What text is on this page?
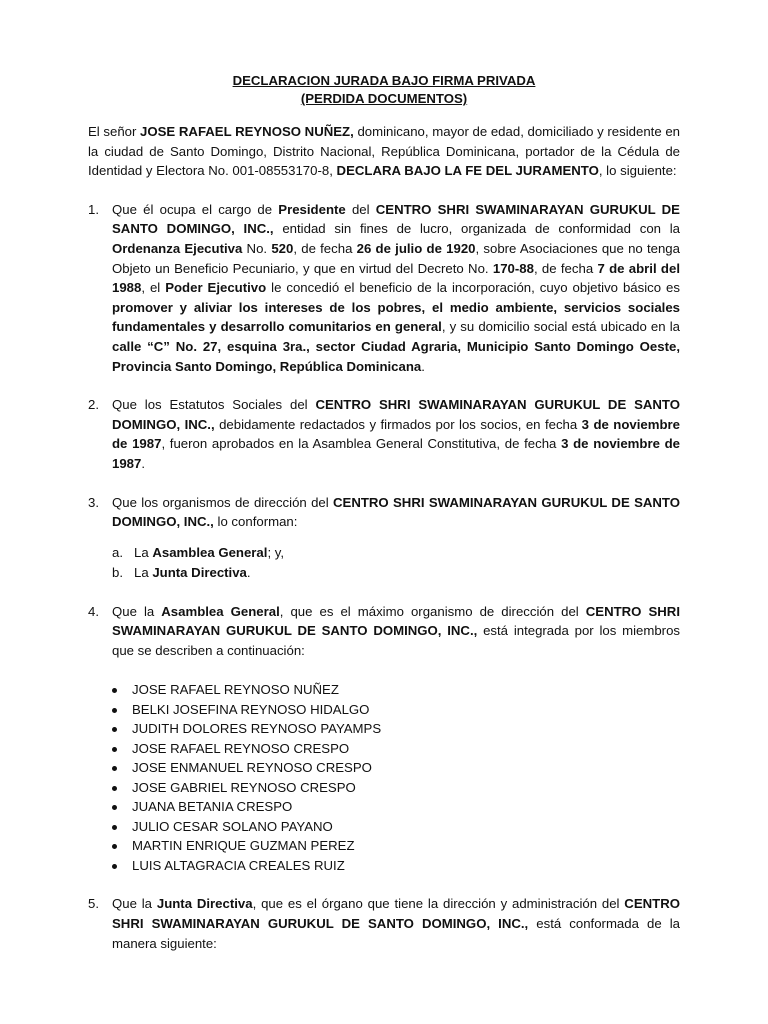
DECLARACION JURADA BAJO FIRMA PRIVADA
(PERDIDA DOCUMENTOS)

El señor JOSE RAFAEL REYNOSO NUÑEZ, dominicano, mayor de edad, domiciliado y residente en la ciudad de Santo Domingo, Distrito Nacional, República Dominicana, portador de la Cédula de Identidad y Electora No. 001-08553170-8, DECLARA BAJO LA FE DEL JURAMENTO, lo siguiente:

1. Que él ocupa el cargo de Presidente del CENTRO SHRI SWAMINARAYAN GURUKUL DE SANTO DOMINGO, INC., entidad sin fines de lucro, organizada de conformidad con la Ordenanza Ejecutiva No. 520, de fecha 26 de julio de 1920, sobre Asociaciones que no tenga Objeto un Beneficio Pecuniario, y que en virtud del Decreto No. 170-88, de fecha 7 de abril del 1988, el Poder Ejecutivo le concedió el beneficio de la incorporación, cuyo objetivo básico es promover y aliviar los intereses de los pobres, el medio ambiente, servicios sociales fundamentales y desarrollo comunitarios en general, y su domicilio social está ubicado en la calle “C” No. 27, esquina 3ra., sector Ciudad Agraria, Municipio Santo Domingo Oeste, Provincia Santo Domingo, República Dominicana.
2. Que los Estatutos Sociales del CENTRO SHRI SWAMINARAYAN GURUKUL DE SANTO DOMINGO, INC., debidamente redactados y firmados por los socios, en fecha 3 de noviembre de 1987, fueron aprobados en la Asamblea General Constitutiva, de fecha 3 de noviembre de 1987.
3. Que los organismos de dirección del CENTRO SHRI SWAMINARAYAN GURUKUL DE SANTO DOMINGO, INC., lo conforman:
a. La Asamblea General; y,
b. La Junta Directiva.
4. Que la Asamblea General, que es el máximo organismo de dirección del CENTRO SHRI SWAMINARAYAN GURUKUL DE SANTO DOMINGO, INC., está integrada por los miembros que se describen a continuación:
JOSE RAFAEL REYNOSO NUÑEZ
BELKI JOSEFINA REYNOSO HIDALGO
JUDITH DOLORES REYNOSO PAYAMPS
JOSE RAFAEL REYNOSO CRESPO
JOSE ENMANUEL REYNOSO CRESPO
JOSE GABRIEL REYNOSO CRESPO
JUANA BETANIA CRESPO
JULIO CESAR SOLANO PAYANO
MARTIN ENRIQUE GUZMAN PEREZ
LUIS ALTAGRACIA CREALES RUIZ
5. Que la Junta Directiva, que es el órgano que tiene la dirección y administración del CENTRO SHRI SWAMINARAYAN GURUKUL DE SANTO DOMINGO, INC., está conformada de la manera siguiente:
